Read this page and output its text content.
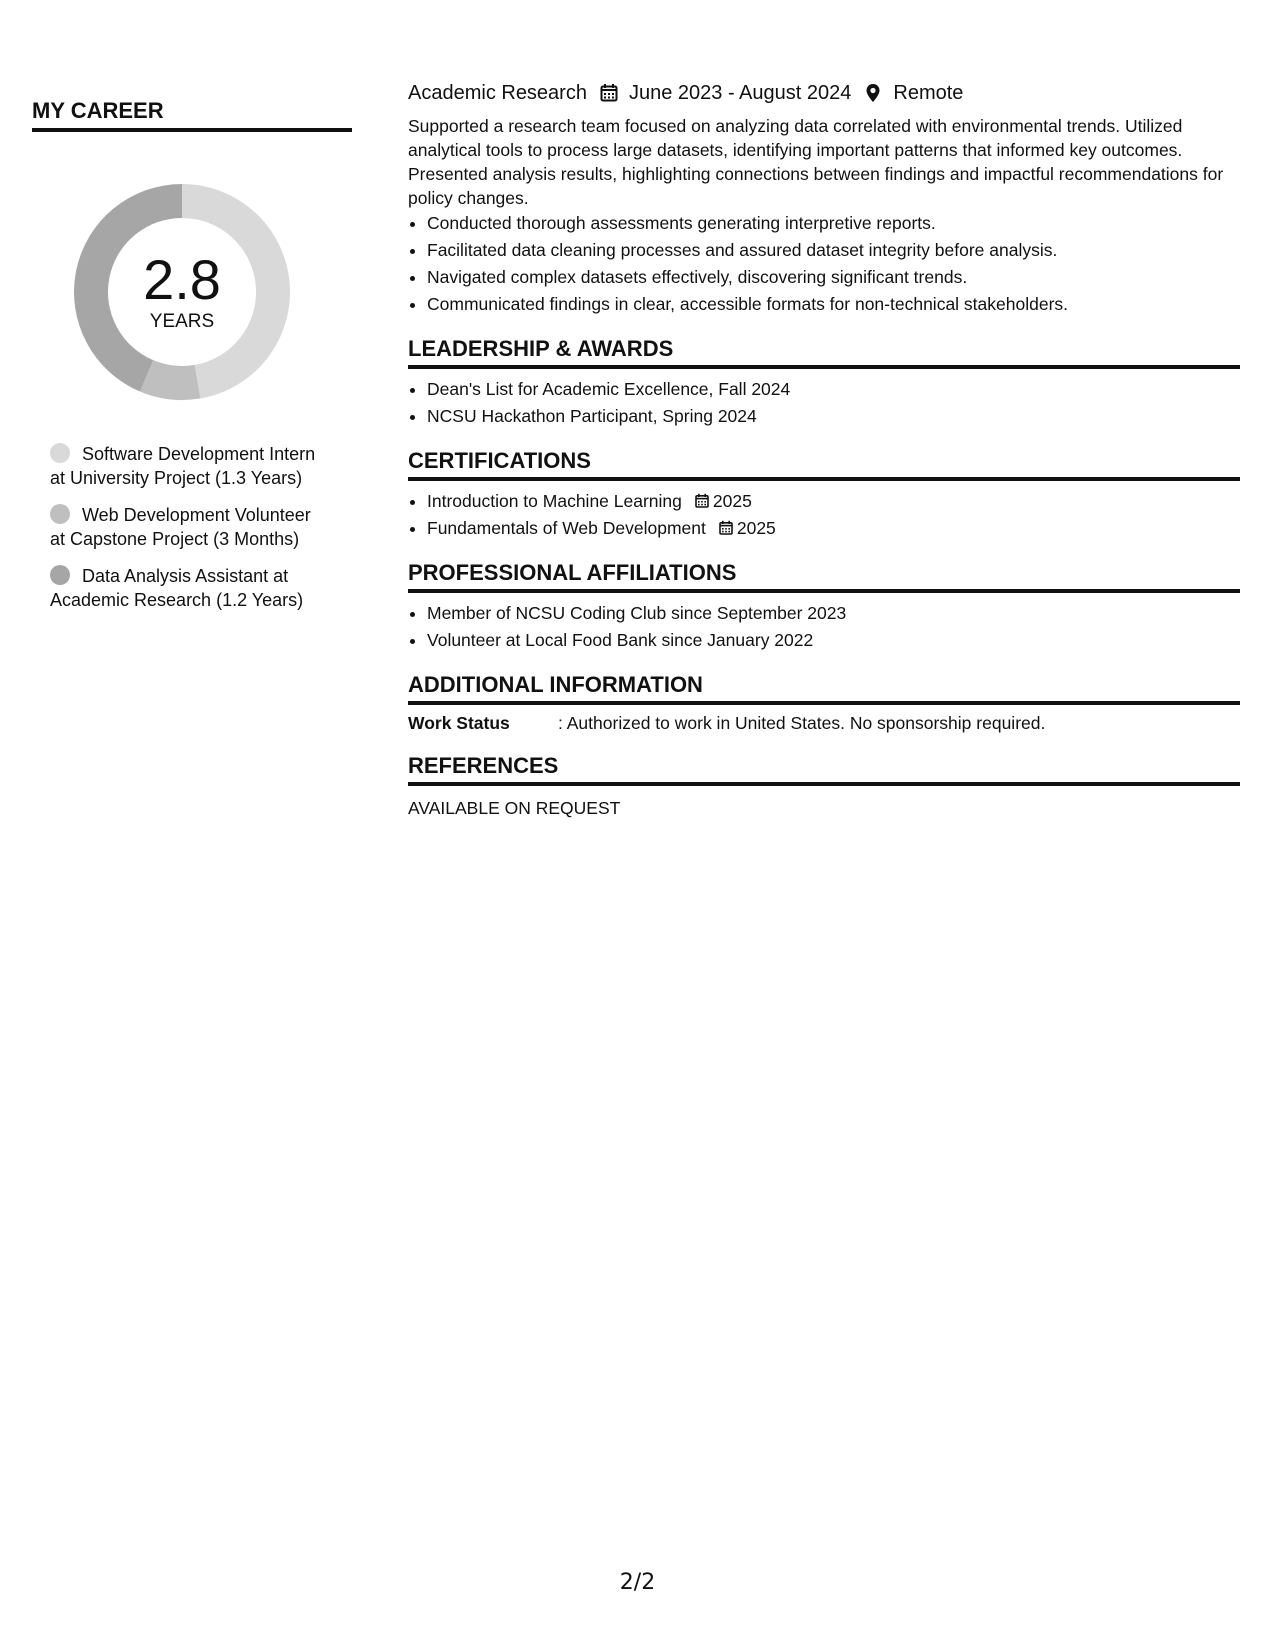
MY CAREER
2.8
YEARS
Software Development Intern at University Project (1.3 Years)
Web Development Volunteer at Capstone Project (3 Months)
Data Analysis Assistant at Academic Research (1.2 Years)
Academic Research June 2023 - August 2024 Remote
Supported a research team focused on analyzing data correlated with environmental trends. Utilized analytical tools to process large datasets, identifying important patterns that informed key outcomes. Presented analysis results, highlighting connections between findings and impactful recommendations for policy changes.
• Conducted thorough assessments generating interpretive reports.
• Facilitated data cleaning processes and assured dataset integrity before analysis.
• Navigated complex datasets effectively, discovering significant trends.
• Communicated findings in clear, accessible formats for non-technical stakeholders.
LEADERSHIP & AWARDS
• Dean's List for Academic Excellence, Fall 2024
• NCSU Hackathon Participant, Spring 2024
CERTIFICATIONS
• Introduction to Machine Learning 2025
• Fundamentals of Web Development 2025
PROFESSIONAL AFFILIATIONS
• Member of NCSU Coding Club since September 2023
• Volunteer at Local Food Bank since January 2022
ADDITIONAL INFORMATION
Work Status	: Authorized to work in United States. No sponsorship required.
REFERENCES
AVAILABLE ON REQUEST
2/2
